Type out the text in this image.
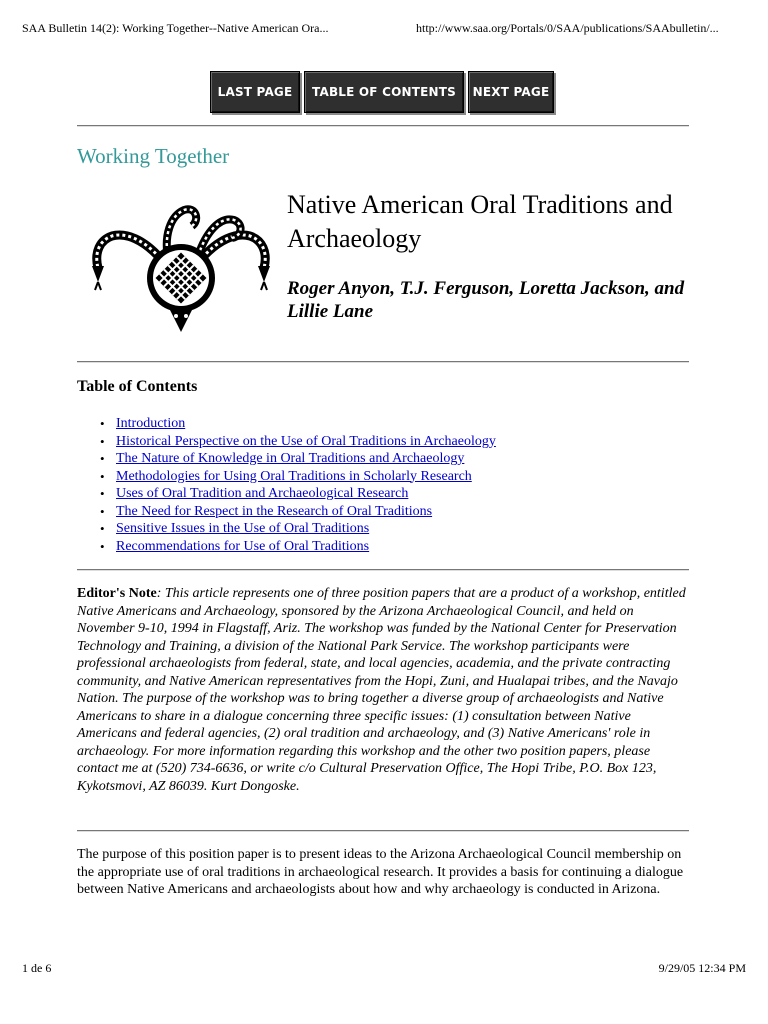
SAA Bulletin 14(2): Working Together--Native American Ora...	http://www.saa.org/Portals/0/SAA/publications/SAAbulletin/...
LAST PAGE	TABLE OF CONTENTS	NEXT PAGE
Working Together
Native American Oral Traditions and Archaeology
Roger Anyon, T.J. Ferguson, Loretta Jackson, and Lillie Lane
Table of Contents
• Introduction
• Historical Perspective on the Use of Oral Traditions in Archaeology
• The Nature of Knowledge in Oral Traditions and Archaeology
• Methodologies for Using Oral Traditions in Scholarly Research
• Uses of Oral Tradition and Archaeological Research
• The Need for Respect in the Research of Oral Traditions
• Sensitive Issues in the Use of Oral Traditions
• Recommendations for Use of Oral Traditions
Editor's Note: This article represents one of three position papers that are a product of a workshop, entitled Native Americans and Archaeology, sponsored by the Arizona Archaeological Council, and held on November 9-10, 1994 in Flagstaff, Ariz. The workshop was funded by the National Center for Preservation Technology and Training, a division of the National Park Service. The workshop participants were professional archaeologists from federal, state, and local agencies, academia, and the private contracting community, and Native American representatives from the Hopi, Zuni, and Hualapai tribes, and the Navajo Nation. The purpose of the workshop was to bring together a diverse group of archaeologists and Native Americans to share in a dialogue concerning three specific issues: (1) consultation between Native Americans and federal agencies, (2) oral tradition and archaeology, and (3) Native Americans' role in archaeology. For more information regarding this workshop and the other two position papers, please contact me at (520) 734-6636, or write c/o Cultural Preservation Office, The Hopi Tribe, P.O. Box 123, Kykotsmovi, AZ 86039. Kurt Dongoske.
The purpose of this position paper is to present ideas to the Arizona Archaeological Council membership on the appropriate use of oral traditions in archaeological research. It provides a basis for continuing a dialogue between Native Americans and archaeologists about how and why archaeology is conducted in Arizona.
1 de 6	9/29/05 12:34 PM
